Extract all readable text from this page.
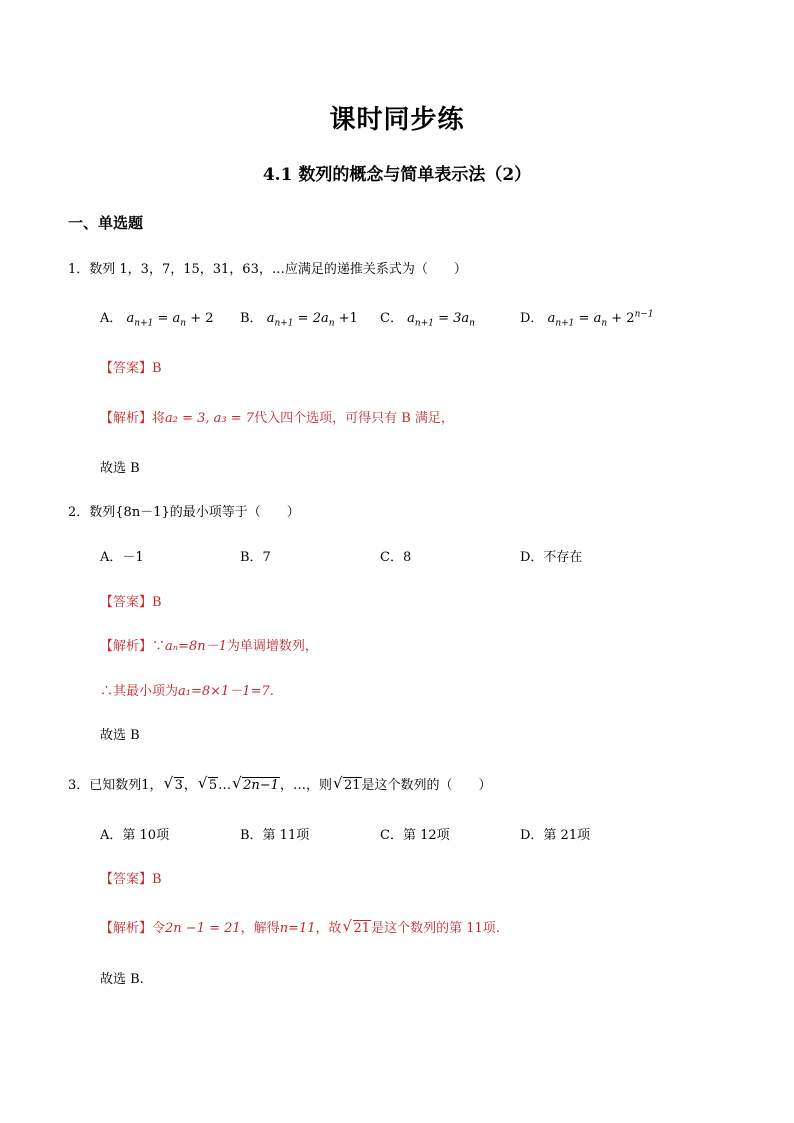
课时同步练
4.1 数列的概念与简单表示法（2）
一、单选题
1．数列 1，3，7，15，31，63，…应满足的递推关系式为（　　）
A． $a_{n+1} = a_n + 2$ B． $a_{n+1} = 2a_n +1$ C． $a_{n+1} = 3a_n$	D． $a_{n+1} = a_n + 2^{n-1}$
【答案】B
【解析】将a₂ = 3, a₃ = 7代入四个选项，可得只有 B 满足，
故选 B
2．数列{8n－1}的最小项等于（　　）
A．－1	B．7	C．8	D．不存在
【答案】B
【解析】∵aₙ=8n－1为单调增数列，
∴其最小项为a₁=8×1－1=7.
故选 B
3．已知数列1， √ 3， √ 5… √ 2n−1，…，则 √ 21是这个数列的（　　）
A．第 10项	B．第 11项	C．第 12项	D．第 21项
【答案】B
【解析】令2n −1 = 21，解得n=11，故 √ 21是这个数列的第 11项.
故选 B.
